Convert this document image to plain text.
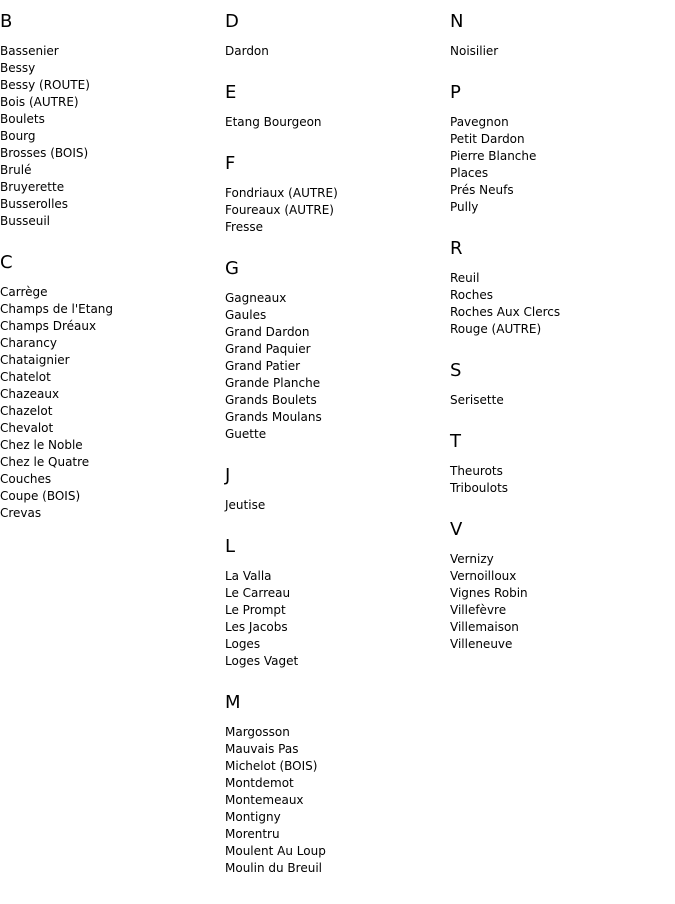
B
Bassenier
Bessy
Bessy (ROUTE)
Bois (AUTRE)
Boulets
Bourg
Brosses (BOIS)
Brulé
Bruyerette
Busserolles
Busseuil
C
Carrège
Champs de l'Etang
Champs Dréaux
Charancy
Chataignier
Chatelot
Chazeaux
Chazelot
Chevalot
Chez le Noble
Chez le Quatre
Couches
Coupe (BOIS)
Crevas
D
Dardon
E
Etang Bourgeon
F
Fondriaux (AUTRE)
Foureaux (AUTRE)
Fresse
G
Gagneaux
Gaules
Grand Dardon
Grand Paquier
Grand Patier
Grande Planche
Grands Boulets
Grands Moulans
Guette
J
Jeutise
L
La Valla
Le Carreau
Le Prompt
Les Jacobs
Loges
Loges Vaget
M
Margosson
Mauvais Pas
Michelot (BOIS)
Montdemot
Montemeaux
Montigny
Morentru
Moulent Au Loup
Moulin du Breuil
N
Noisilier
P
Pavegnon
Petit Dardon
Pierre Blanche
Places
Prés Neufs
Pully
R
Reuil
Roches
Roches Aux Clercs
Rouge (AUTRE)
S
Serisette
T
Theurots
Triboulots
V
Vernizy
Vernoilloux
Vignes Robin
Villefèvre
Villemaison
Villeneuve
